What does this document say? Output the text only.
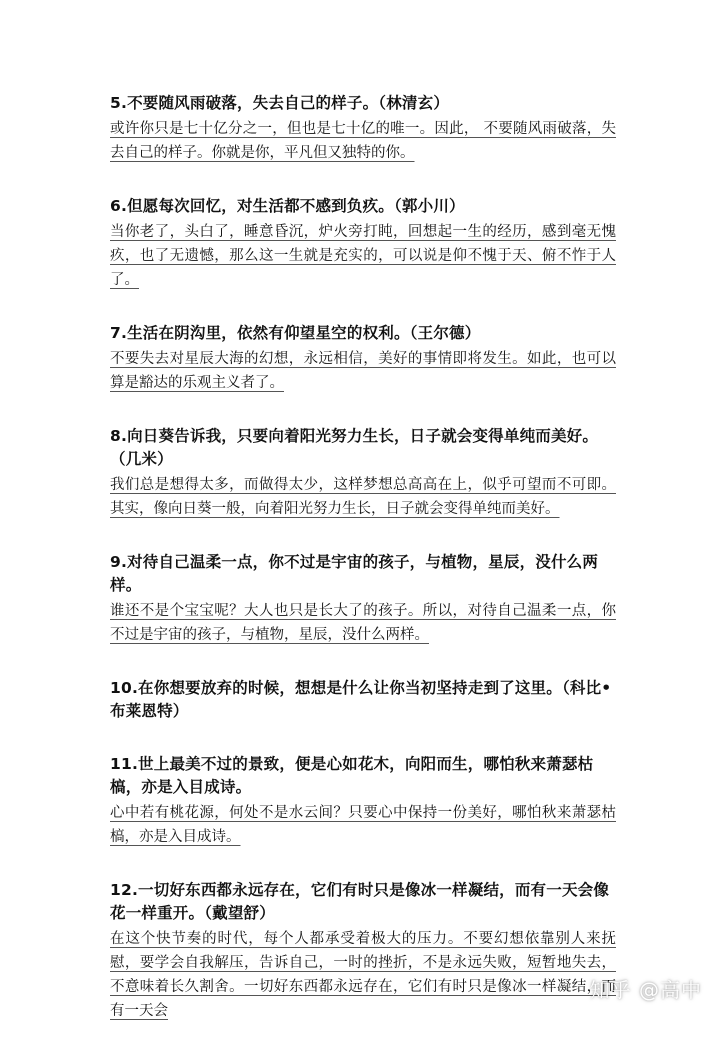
5.不要随风雨破落，失去自己的样子。（林清玄）

或许你只是七十亿分之一，但也是七十亿的唯一。因此， 不要随风雨破落，失去自己的样子。你就是你，平凡但又独特的你。

6.但愿每次回忆，对生活都不感到负疚。（郭小川）

当你老了，头白了，睡意昏沉，炉火旁打盹，回想起一生的经历，感到毫无愧疚，也了无遗憾，那么这一生就是充实的，可以说是仰不愧于天、俯不怍于人了。

7.生活在阴沟里，依然有仰望星空的权利。（王尔德）

不要失去对星辰大海的幻想，永远相信，美好的事情即将发生。如此，也可以算是豁达的乐观主义者了。

8.向日葵告诉我，只要向着阳光努力生长，日子就会变得单纯而美好。（几米）

我们总是想得太多，而做得太少，这样梦想总高高在上，似乎可望而不可即。其实，像向日葵一般，向着阳光努力生长，日子就会变得单纯而美好。

9.对待自己温柔一点，你不过是宇宙的孩子，与植物，星辰，没什么两样。

谁还不是个宝宝呢？大人也只是长大了的孩子。所以，对待自己温柔一点，你不过是宇宙的孩子，与植物，星辰，没什么两样。

10.在你想要放弃的时候，想想是什么让你当初坚持走到了这里。（科比•布莱恩特）

11.世上最美不过的景致，便是心如花木，向阳而生，哪怕秋来萧瑟枯槁，亦是入目成诗。

心中若有桃花源，何处不是水云间？只要心中保持一份美好，哪怕秋来萧瑟枯槁，亦是入目成诗。

12.一切好东西都永远存在，它们有时只是像冰一样凝结，而有一天会像花一样重开。（戴望舒）

在这个快节奏的时代，每个人都承受着极大的压力。不要幻想依靠别人来抚慰，要学会自我解压，告诉自己，一时的挫折，不是永远失败，短暂地失去，不意味着长久割舍。一切好东西都永远存在，它们有时只是像冰一样凝结，而有一天会

知乎 @高中
